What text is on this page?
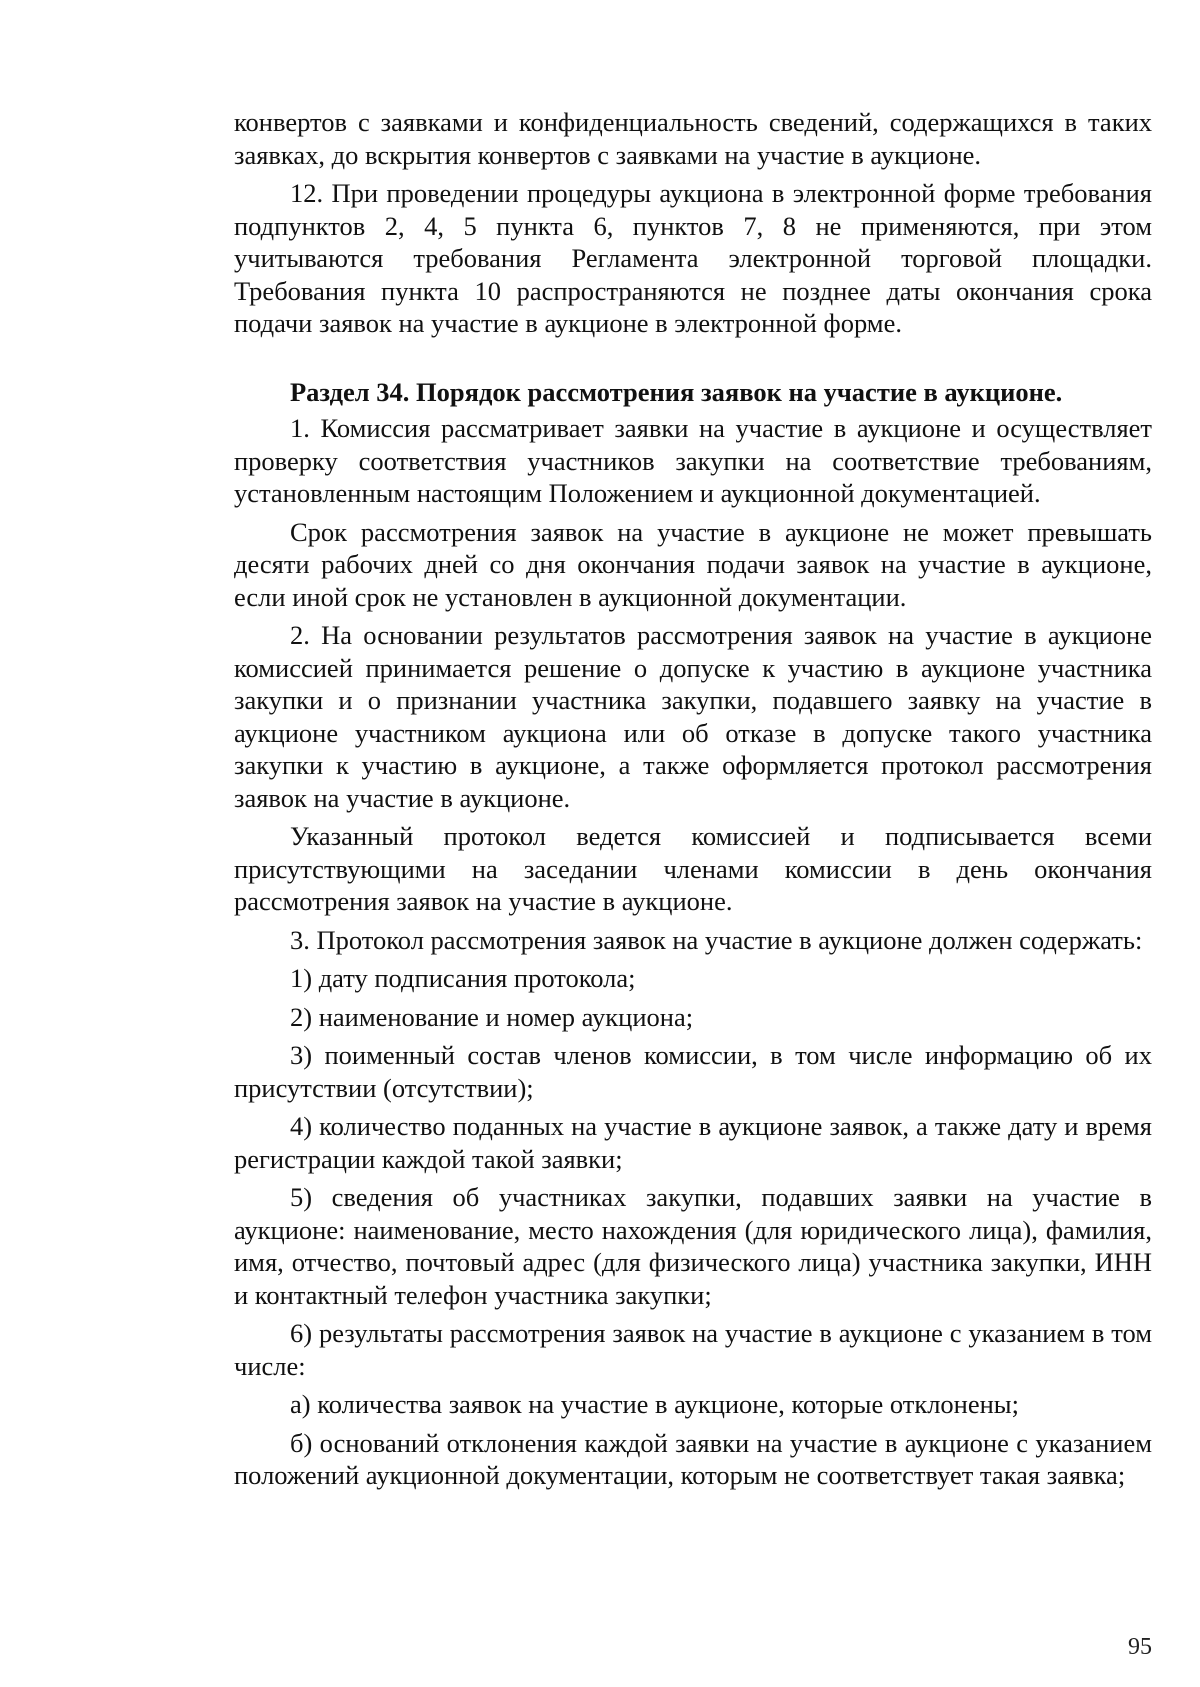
конвертов с заявками и конфиденциальность сведений, содержащихся в таких заявках, до вскрытия конвертов с заявками на участие в аукционе.

12. При проведении процедуры аукциона в электронной форме требования подпунктов 2, 4, 5 пункта 6, пунктов 7, 8 не применяются, при этом учитываются требования Регламента электронной торговой площадки. Требования пункта 10 распространяются не позднее даты окончания срока подачи заявок на участие в аукционе в электронной форме.

Раздел 34. Порядок рассмотрения заявок на участие в аукционе.

1. Комиссия рассматривает заявки на участие в аукционе и осуществляет проверку соответствия участников закупки на соответствие требованиям, установленным настоящим Положением и аукционной документацией.

Срок рассмотрения заявок на участие в аукционе не может превышать десяти рабочих дней со дня окончания подачи заявок на участие в аукционе, если иной срок не установлен в аукционной документации.

2. На основании результатов рассмотрения заявок на участие в аукционе комиссией принимается решение о допуске к участию в аукционе участника закупки и о признании участника закупки, подавшего заявку на участие в аукционе участником аукциона или об отказе в допуске такого участника закупки к участию в аукционе, а также оформляется протокол рассмотрения заявок на участие в аукционе.

Указанный протокол ведется комиссией и подписывается всеми присутствующими на заседании членами комиссии в день окончания рассмотрения заявок на участие в аукционе.

3. Протокол рассмотрения заявок на участие в аукционе должен содержать:

1) дату подписания протокола;

2) наименование и номер аукциона;

3) поименный состав членов комиссии, в том числе информацию об их присутствии (отсутствии);

4) количество поданных на участие в аукционе заявок, а также дату и время регистрации каждой такой заявки;

5) сведения об участниках закупки, подавших заявки на участие в аукционе: наименование, место нахождения (для юридического лица), фамилия, имя, отчество, почтовый адрес (для физического лица) участника закупки, ИНН и контактный телефон участника закупки;

6) результаты рассмотрения заявок на участие в аукционе с указанием в том числе:

а) количества заявок на участие в аукционе, которые отклонены;

б) оснований отклонения каждой заявки на участие в аукционе с указанием положений аукционной документации, которым не соответствует такая заявка;

95
